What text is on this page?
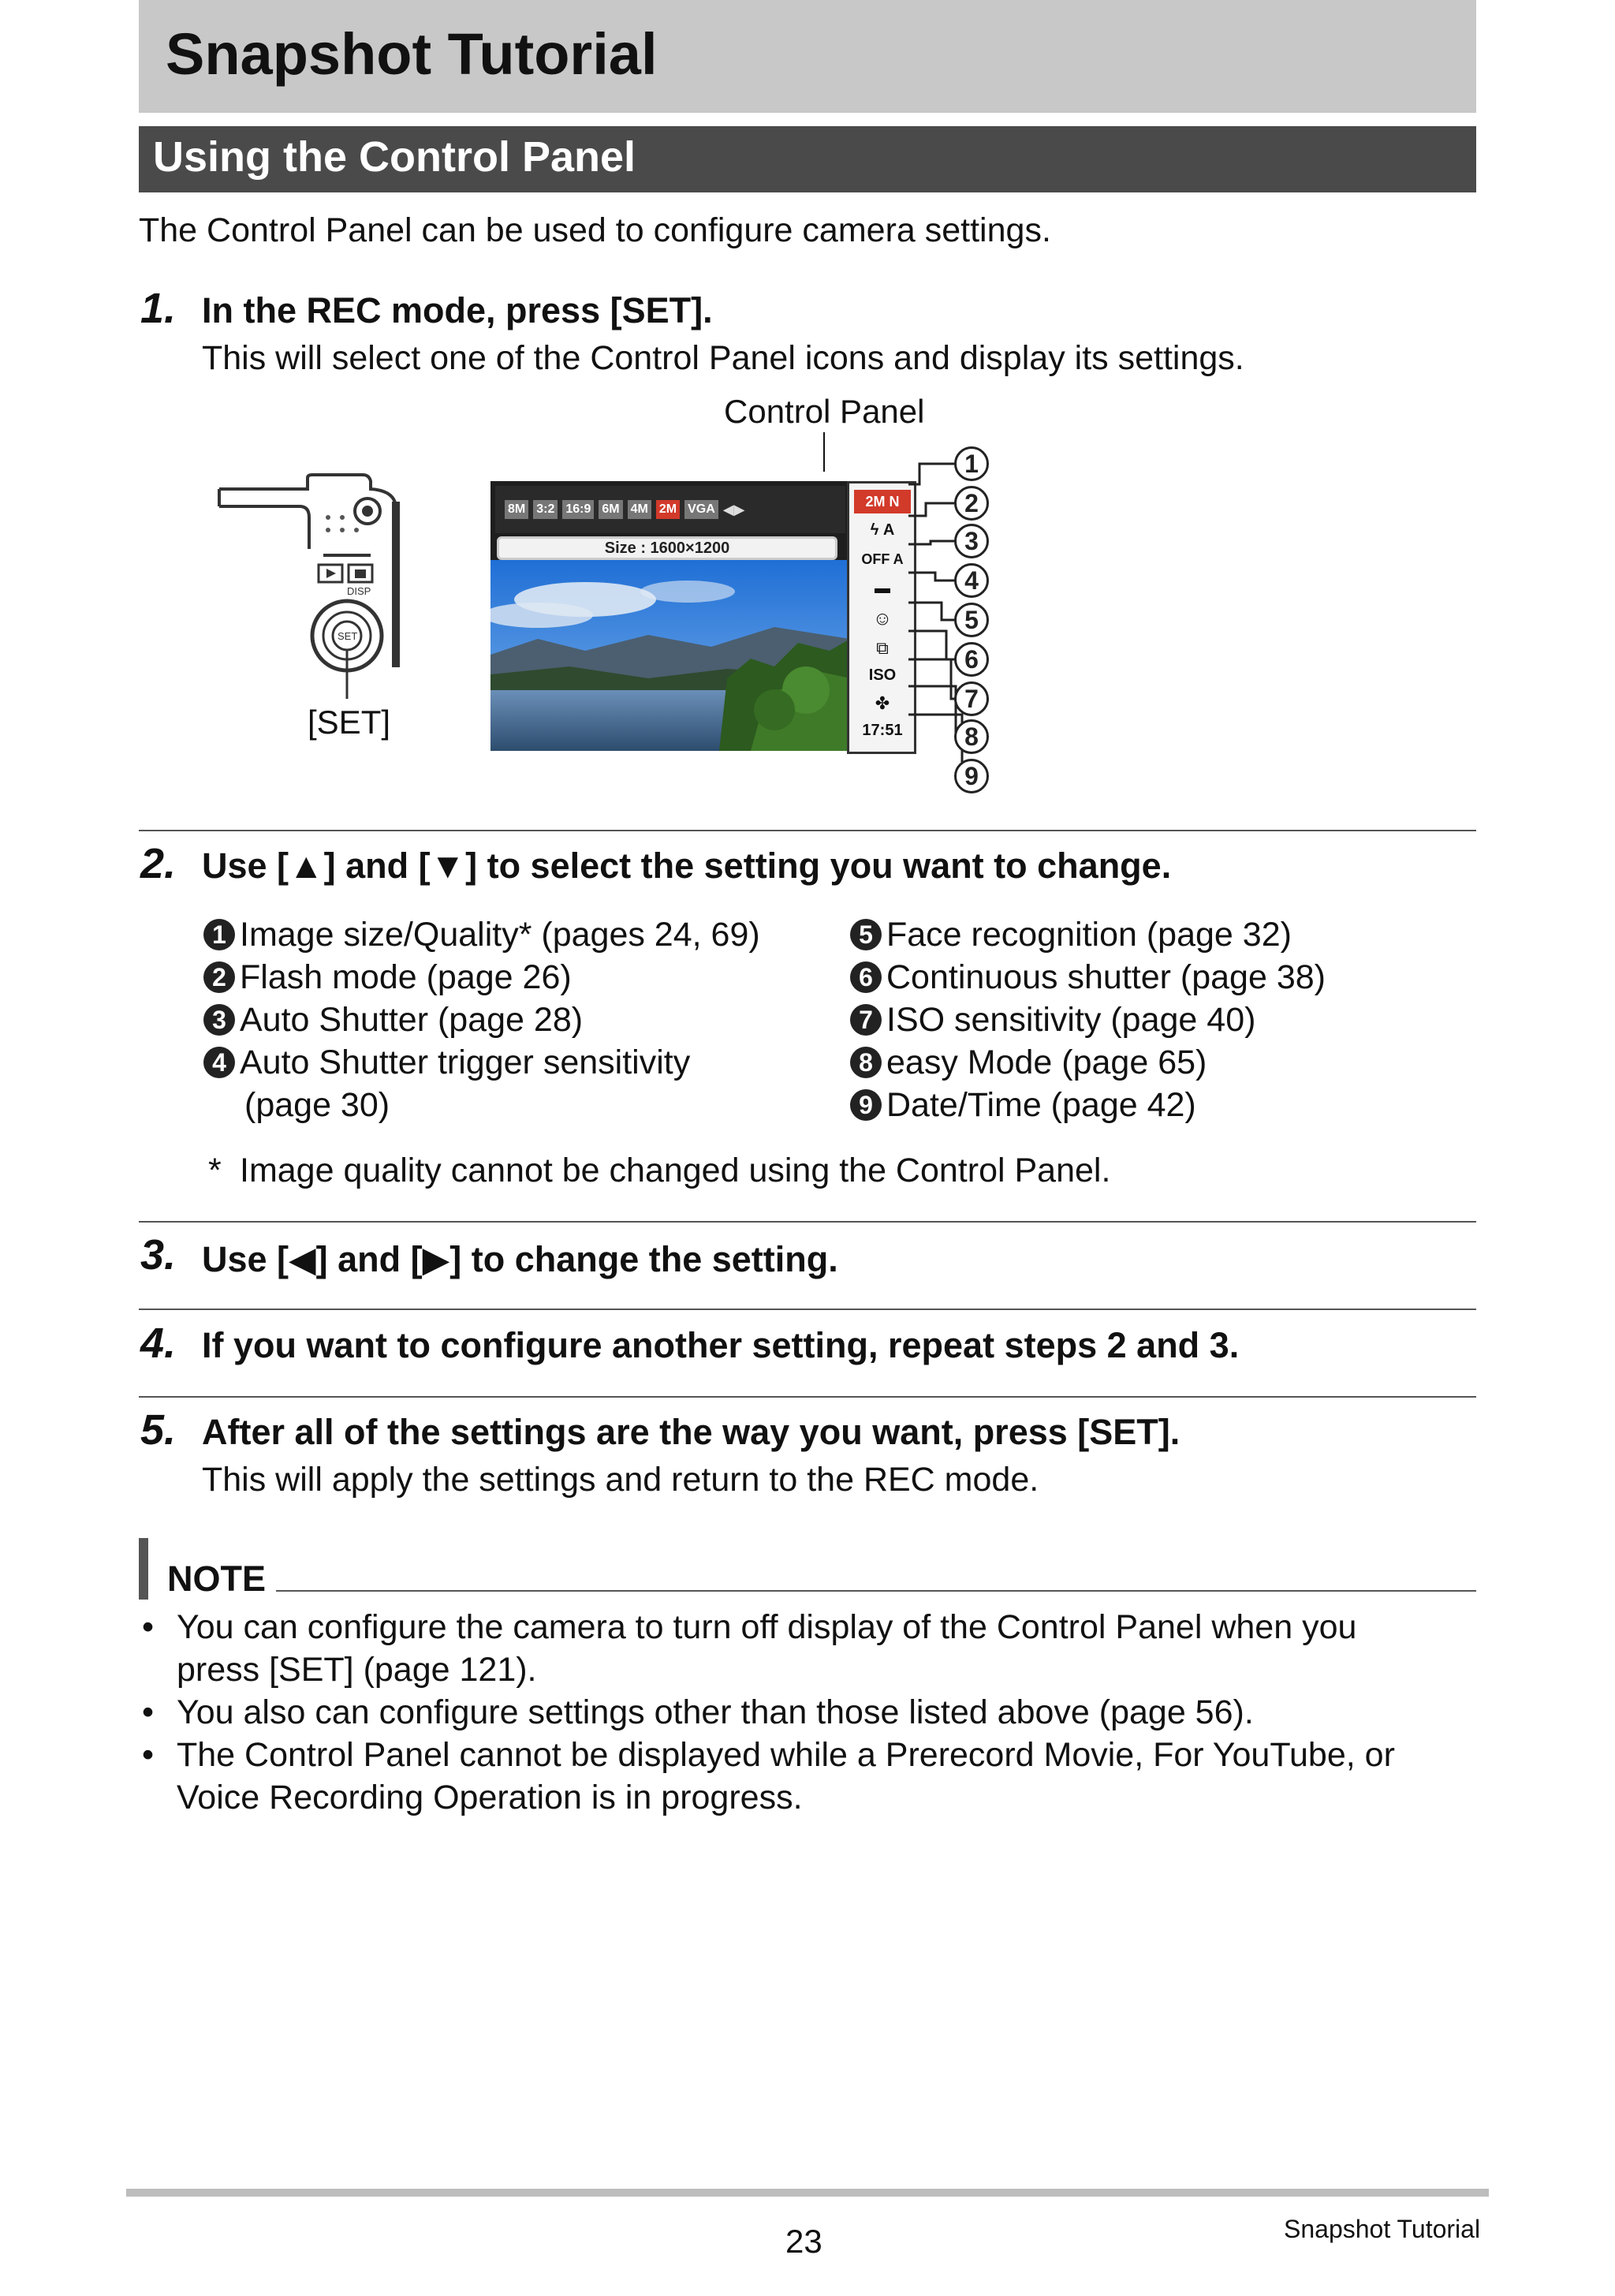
Snapshot Tutorial
Using the Control Panel
The Control Panel can be used to configure camera settings.
1. In the REC mode, press [SET].
This will select one of the Control Panel icons and display its settings.
Control Panel
DISP
SET
[SET]
8M 3:2 16:9 6M 4M 2M VGA ◀▶
Size : 1600×1200
2M N
ϟ A
OFF A
▬
☺
⧉
ISO
✤
17:51
1
2
3
4
5
6
7
8
9
2. Use [▲] and [▼] to select the setting you want to change.
1 Image size/Quality* (pages 24, 69)
2 Flash mode (page 26)
3 Auto Shutter (page 28)
4 Auto Shutter trigger sensitivity
(page 30)
5 Face recognition (page 32)
6 Continuous shutter (page 38)
7 ISO sensitivity (page 40)
8 easy Mode (page 65)
9 Date/Time (page 42)
* Image quality cannot be changed using the Control Panel.
3. Use [◀] and [▶] to change the setting.
4. If you want to configure another setting, repeat steps 2 and 3.
5. After all of the settings are the way you want, press [SET].
This will apply the settings and return to the REC mode.
NOTE
• You can configure the camera to turn off display of the Control Panel when you
press [SET] (page 121).
• You also can configure settings other than those listed above (page 56).
• The Control Panel cannot be displayed while a Prerecord Movie, For YouTube, or
Voice Recording Operation is in progress.
23	Snapshot Tutorial
